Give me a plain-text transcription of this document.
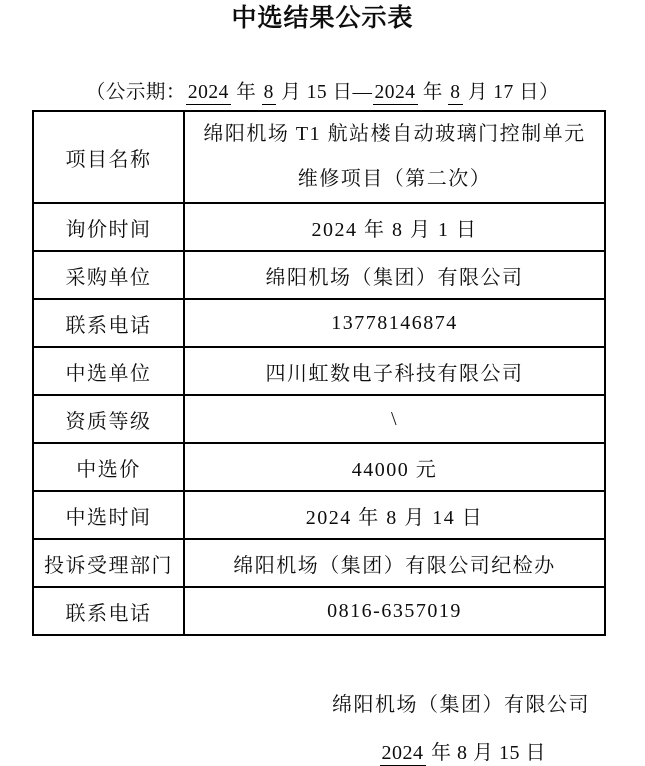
中选结果公示表
（公示期： 2024 年 8 月 15 日— 2024 年 8 月 17 日）
项目名称	绵阳机场 T1 航站楼自动玻璃门控制单元
维修项目（第二次）

询价时间	2024 年 8 月 1 日
采购单位	绵阳机场（集团）有限公司
联系电话	13778146874
中选单位	四川虹数电子科技有限公司
资质等级	\
中选价	44000 元
中选时间	2024 年 8 月 14 日
投诉受理部门	绵阳机场（集团）有限公司纪检办
联系电话	0816-6357019
绵阳机场（集团）有限公司
2024 年 8 月 15 日
